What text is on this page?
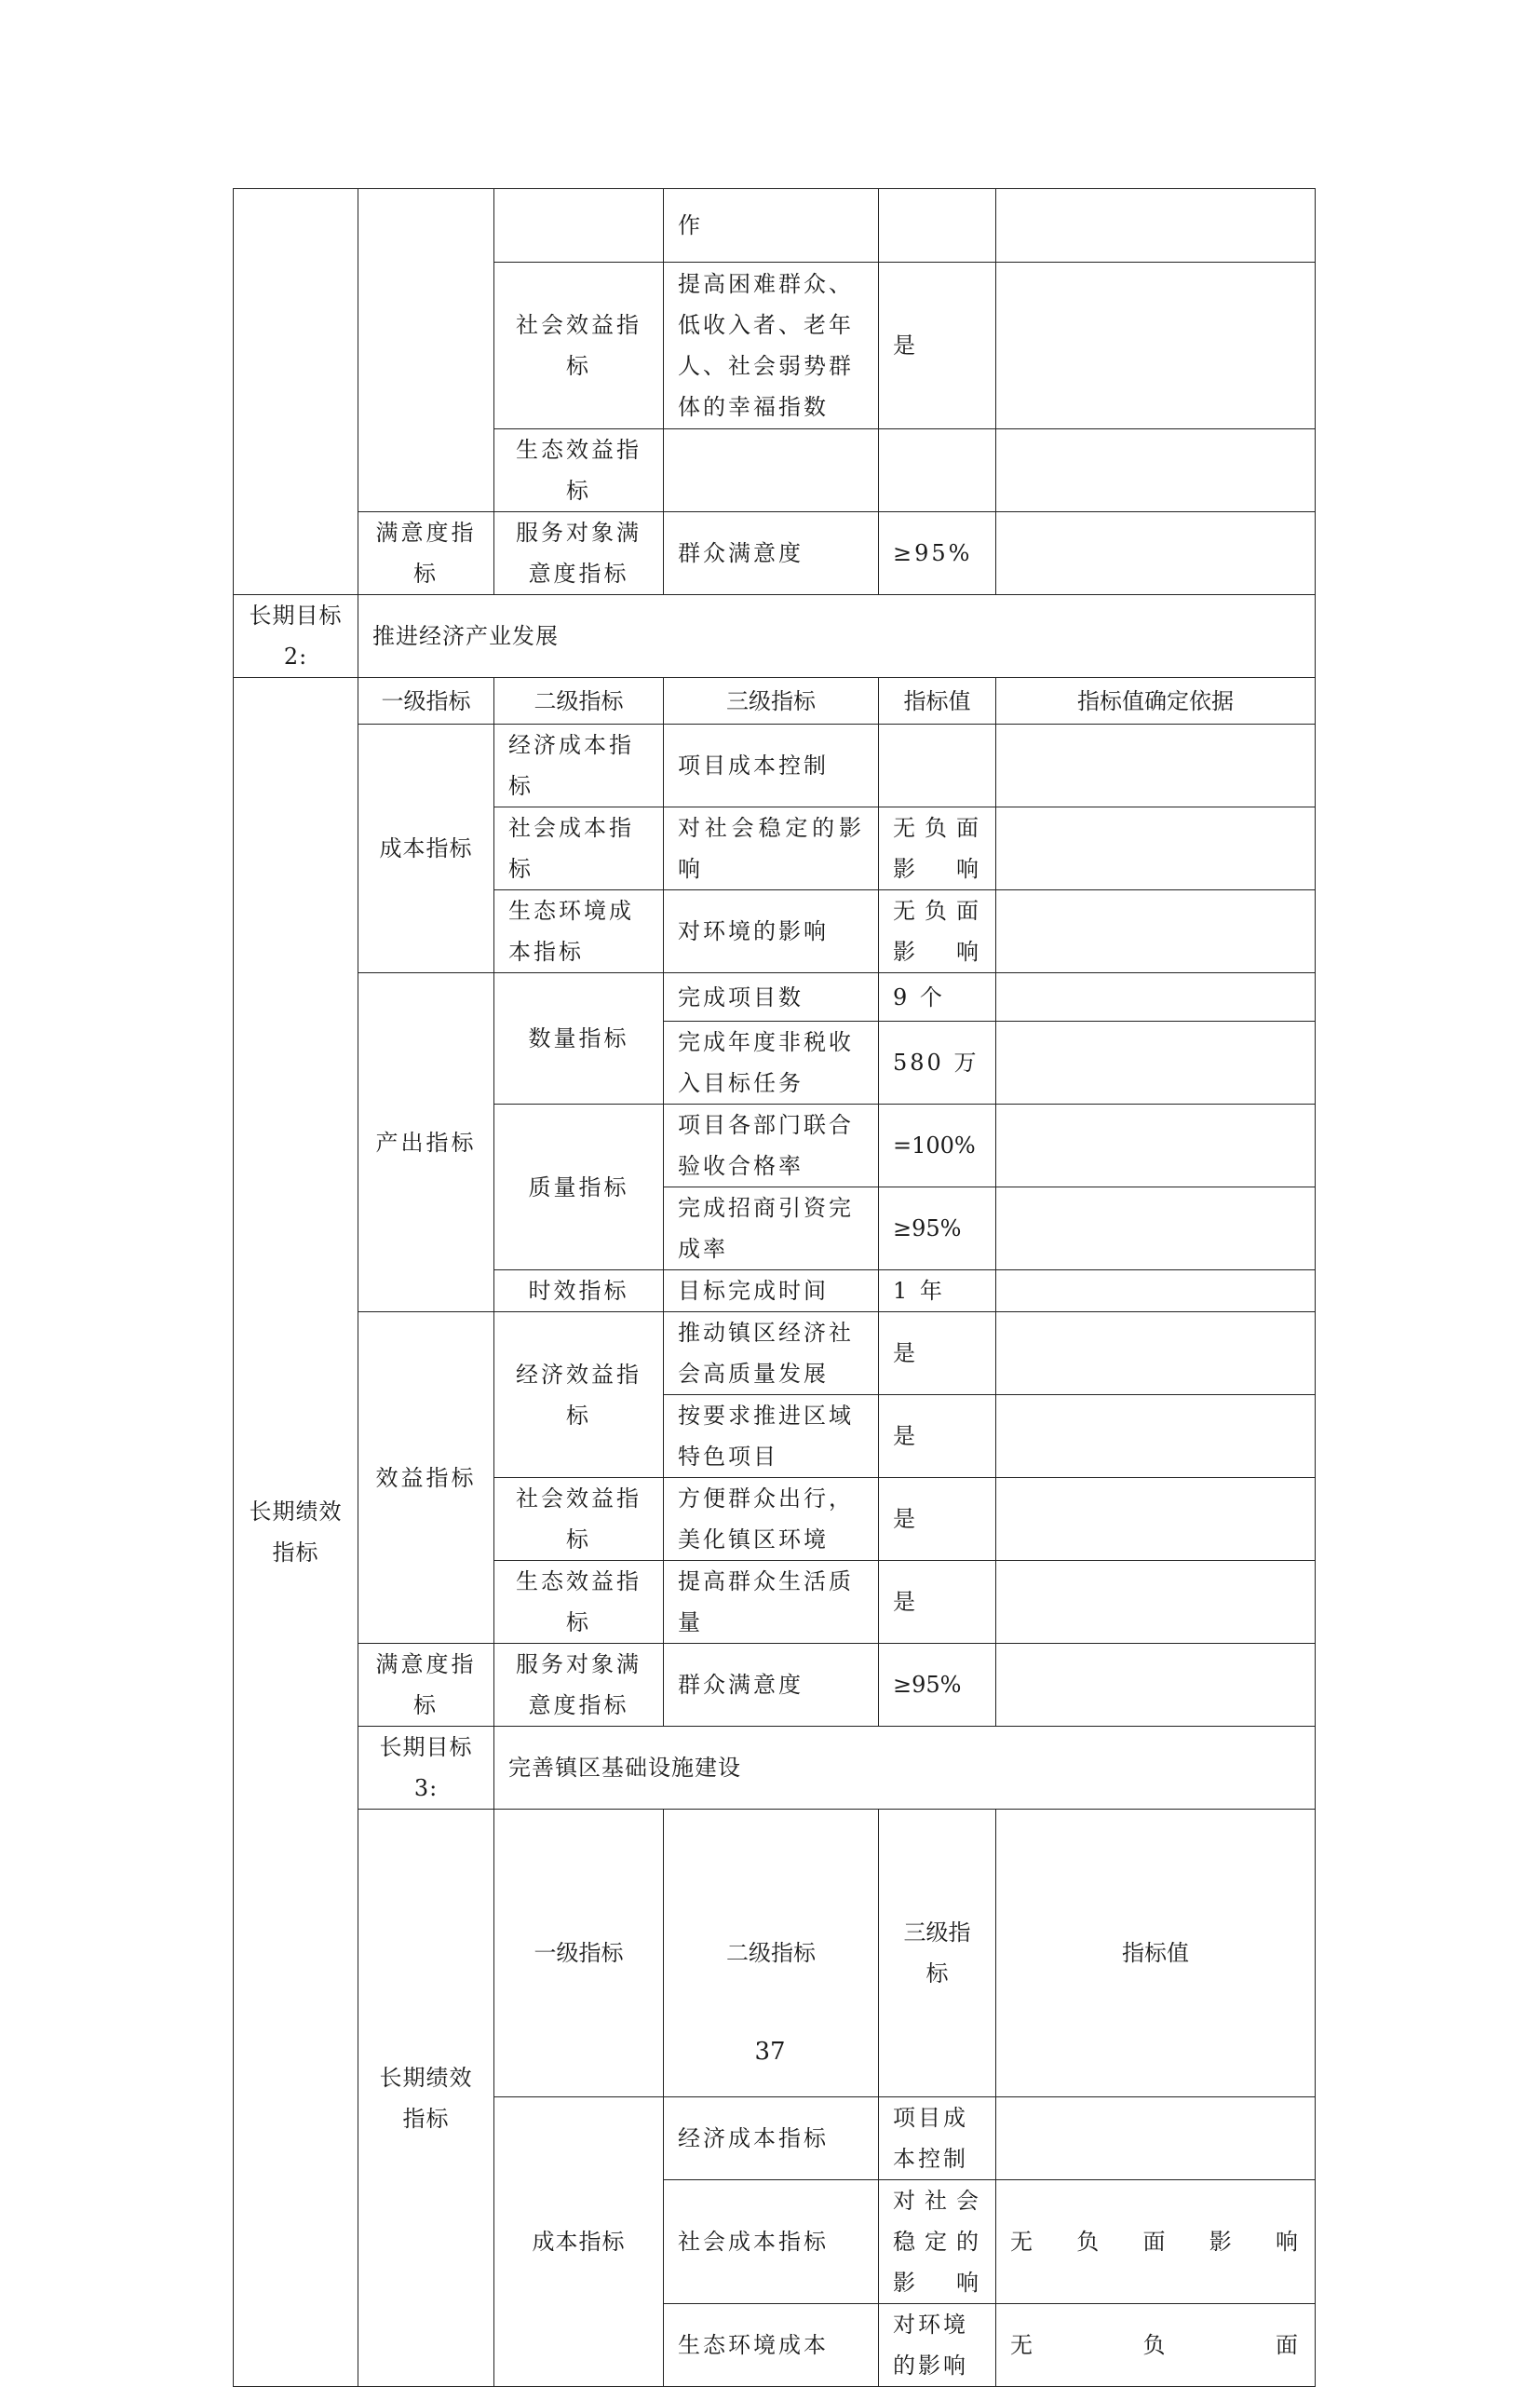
			作			
		社会效益指标	提高困难群众、低收入者、老年人、社会弱势群体的幸福指数	是		
		生态效益指标				
	满意度指标	服务对象满意度指标	群众满意度	≥95%		
长期目标 2:	推进经济产业发展					
长期绩效指标	一级指标	二级指标	三级指标	指标值	指标值确定依据	
	成本指标	经济成本指标	项目成本控制			
		社会成本指标	对社会稳定的影响	无负面影响		
		生态环境成本指标	对环境的影响	无负面影响		
	产出指标	数量指标	完成项目数	9 个		
			完成年度非税收入目标任务	580 万		
		质量指标	项目各部门联合验收合格率	=100%		
			完成招商引资完成率	≥95%		
		时效指标	目标完成时间	1 年		
	效益指标	经济效益指标	推动镇区经济社会高质量发展	是		
			按要求推进区域特色项目	是		
		社会效益指标	方便群众出行，美化镇区环境	是		
		生态效益指标	提高群众生活质量	是		
	满意度指标	服务对象满意度指标	群众满意度	≥95%		
	长期目标 3:	完善镇区基础设施建设				
	长期绩效指标	一级指标	二级指标	三级指标	指标值	
		成本指标	经济成本指标	项目成本控制		
			社会成本指标	对社会稳定的影响	无负面影响	
			生态环境成本	对环境的影响	无负面	
37
